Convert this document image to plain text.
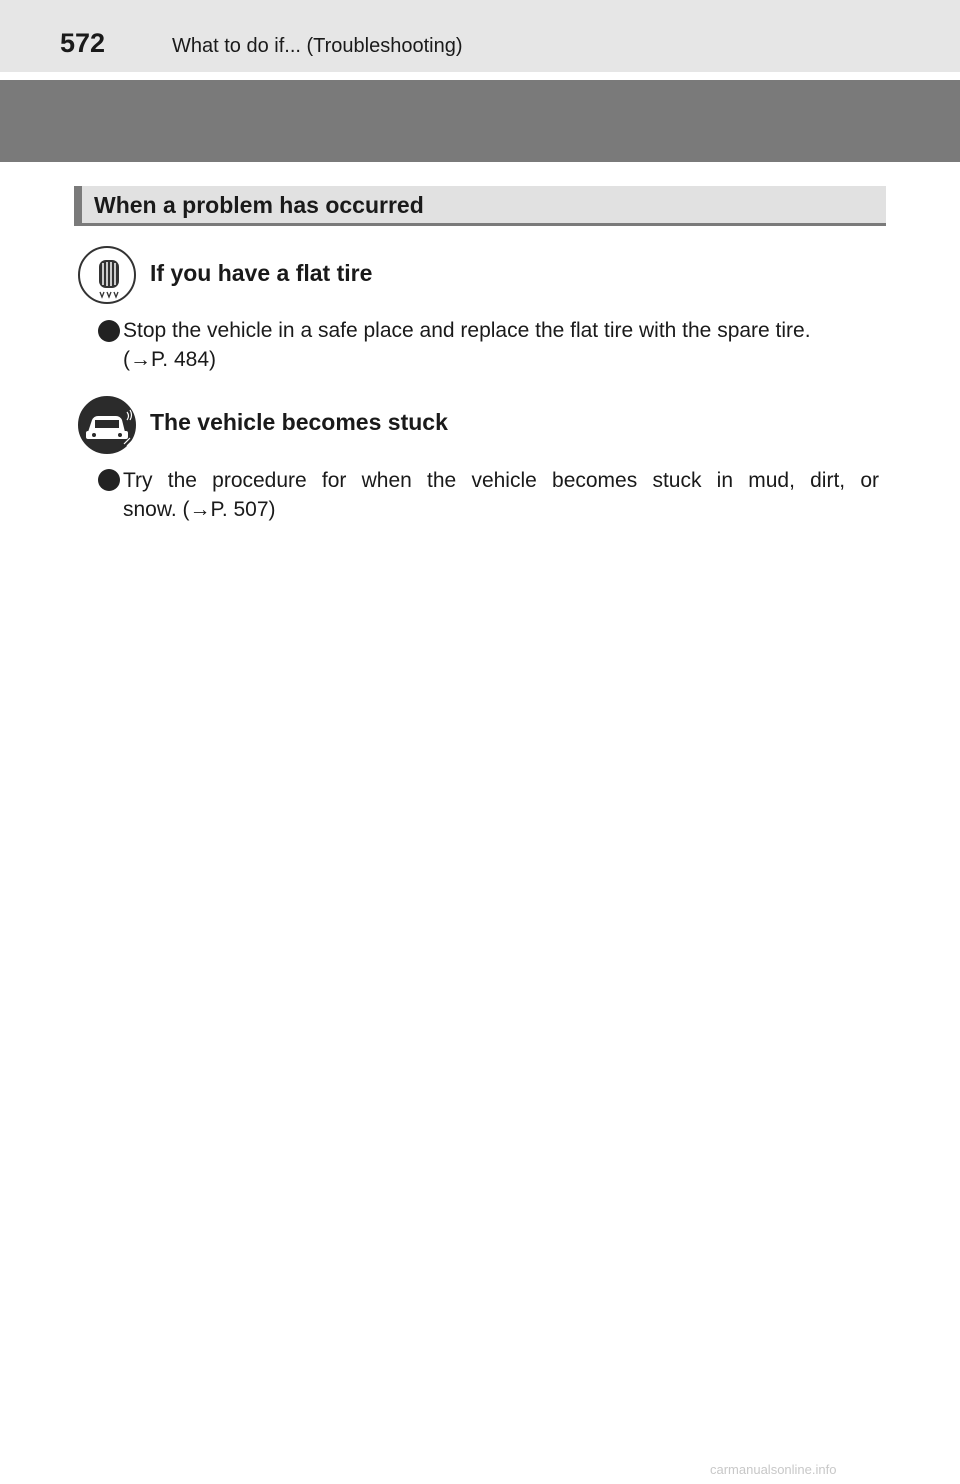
572	What to do if... (Troubleshooting)
When a problem has occurred
If you have a flat tire
Stop the vehicle in a safe place and replace the flat tire with the spare tire.
(→P. 484)
The vehicle becomes stuck
Try the procedure for when the vehicle becomes stuck in mud, dirt, or
snow. (→P. 507)
carmanualsonline.info
